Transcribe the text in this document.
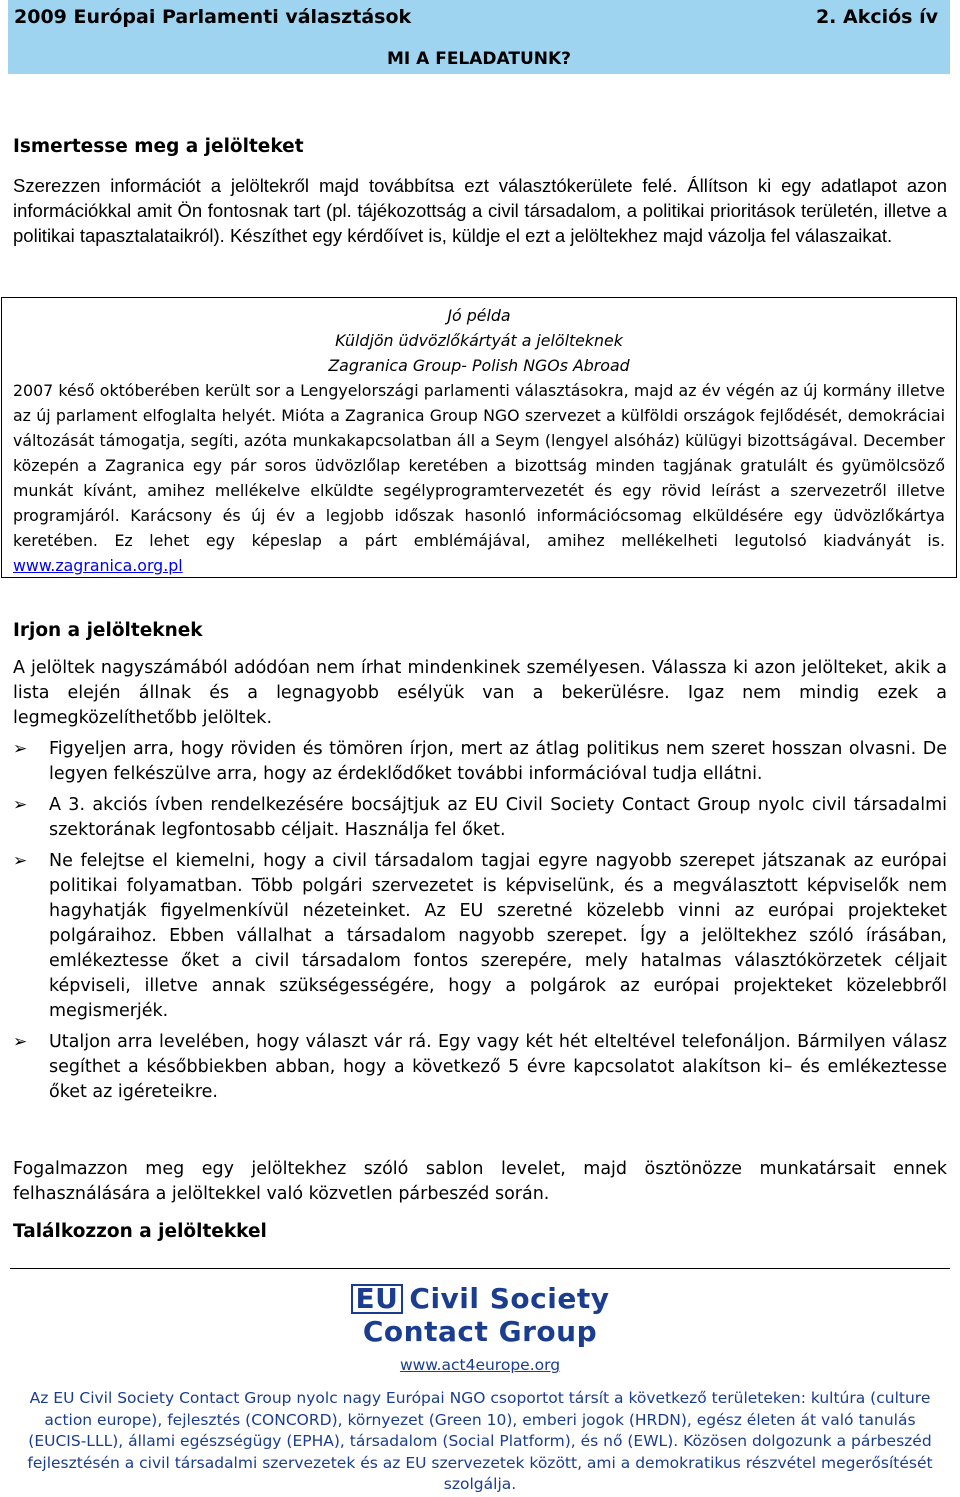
2009 Európai Parlamenti választások	2. Akciós ív
MI A FELADATUNK?
Ismertesse meg a jelölteket
Szerezzen információt a jelöltekről majd továbbítsa ezt választókerülete felé. Állítson ki egy adatlapot azon információkkal amit Ön fontosnak tart (pl. tájékozottság a civil társadalom, a politikai prioritások területén, illetve a politikai tapasztalataikról). Készíthet egy kérdőívet is, küldje el ezt a jelöltekhez majd vázolja fel válaszaikat.
Jó példa
Küldjön üdvözlőkártyát a jelölteknek
Zagranica Group- Polish NGOs Abroad
2007 késő októberében került sor a Lengyelországi parlamenti választásokra, majd az év végén az új kormány illetve az új parlament elfoglalta helyét. Mióta a Zagranica Group NGO szervezet a külföldi országok fejlődését, demokráciai változását támogatja, segíti, azóta munkakapcsolatban áll a Seym (lengyel alsóház) külügyi bizottságával. December közepén a Zagranica egy pár soros üdvözlőlap keretében a bizottság minden tagjának gratulált és gyümölcsöző munkát kívánt, amihez mellékelve elküldte segélyprogramtervezetét és egy rövid leírást a szervezetről illetve programjáról. Karácsony és új év a legjobb időszak hasonló információcsomag elküldésére egy üdvözlőkártya keretében. Ez lehet egy képeslap a párt emblémájával, amihez mellékelheti legutolsó kiadványát is. www.zagranica.org.pl
Irjon a jelölteknek
A jelöltek nagyszámából adódóan nem írhat mindenkinek személyesen. Válassza ki azon jelölteket, akik a lista elején állnak és a legnagyobb esélyük van a bekerülésre. Igaz nem mindig ezek a legmegközelíthetőbb jelöltek.
➢ Figyeljen arra, hogy röviden és tömören írjon, mert az átlag politikus nem szeret hosszan olvasni. De legyen felkészülve arra, hogy az érdeklődőket további információval tudja ellátni.
➢ A 3. akciós ívben rendelkezésére bocsájtjuk az EU Civil Society Contact Group nyolc civil társadalmi szektorának legfontosabb céljait. Használja fel őket.
➢ Ne felejtse el kiemelni, hogy a civil társadalom tagjai egyre nagyobb szerepet játszanak az európai politikai folyamatban. Több polgári szervezetet is képviselünk, és a megválasztott képviselők nem hagyhatják figyelmenkívül nézeteinket. Az EU szeretné közelebb vinni az európai projekteket polgáraihoz. Ebben vállalhat a társadalom nagyobb szerepet. Így a jelöltekhez szóló írásában, emlékeztesse őket a civil társadalom fontos szerepére, mely hatalmas választókörzetek céljait képviseli, illetve annak szükségességére, hogy a polgárok az európai projekteket közelebbről megismerjék.
➢ Utaljon arra levelében, hogy választ vár rá. Egy vagy két hét elteltével telefonáljon. Bármilyen válasz segíthet a későbbiekben abban, hogy a következő 5 évre kapcsolatot alakítson ki– és emlékeztesse őket az igéreteikre.
Fogalmazzon meg egy jelöltekhez szóló sablon levelet, majd ösztönözze munkatársait ennek felhasználására a jelöltekkel való közvetlen párbeszéd során.
Találkozzon a jelöltekkel
EU Civil Society
Contact Group
www.act4europe.org
Az EU Civil Society Contact Group nyolc nagy Európai NGO csoportot társít a következő területeken: kultúra (culture action europe), fejlesztés (CONCORD), környezet (Green 10), emberi jogok (HRDN), egész életen át való tanulás (EUCIS-LLL), állami egészségügy (EPHA), társadalom (Social Platform), és nő (EWL). Közösen dolgozunk a párbeszéd fejlesztésén a civil társadalmi szervezetek és az EU szervezetek között, ami a demokratikus részvétel megerősítését szolgálja.
